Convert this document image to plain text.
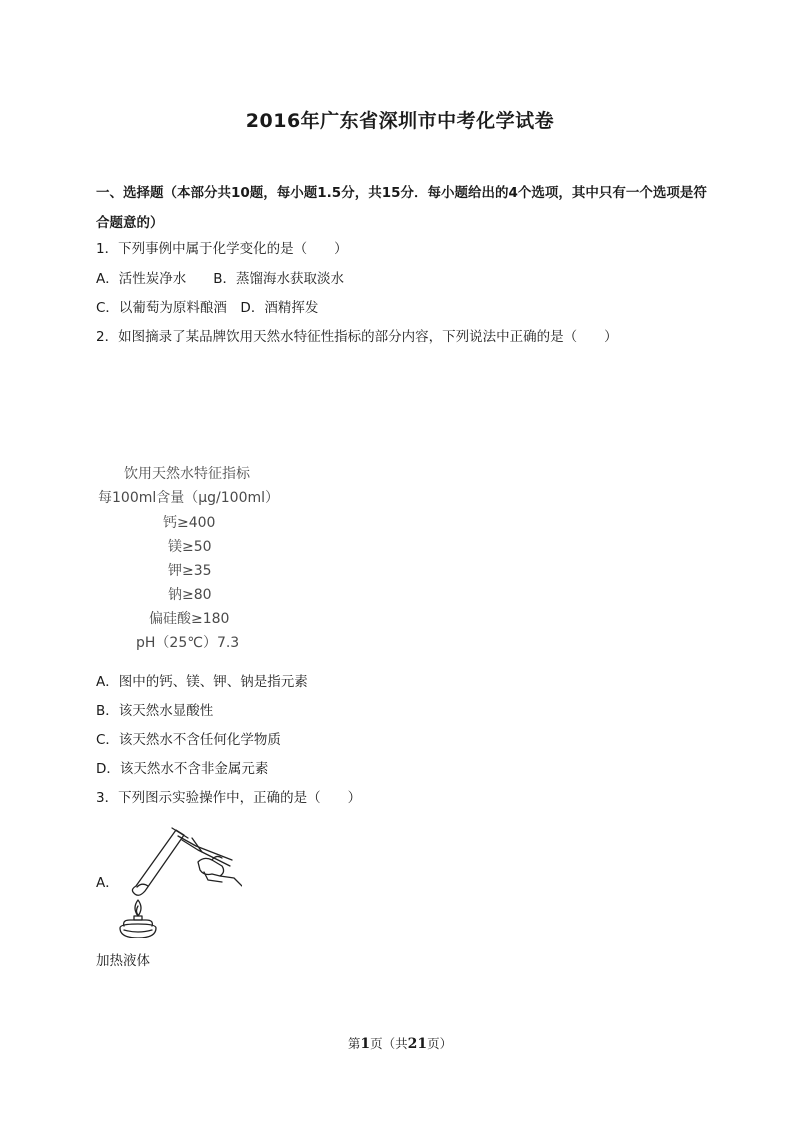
2016年广东省深圳市中考化学试卷
一、选择题（本部分共10题，每小题1.5分，共15分．每小题给出的4个选项，其中只有一个选项是符合题意的）
1．下列事例中属于化学变化的是（　　）
A．活性炭净水　　B．蒸馏海水获取淡水
C．以葡萄为原料酿酒　D．酒精挥发
2．如图摘录了某品牌饮用天然水特征性指标的部分内容，下列说法中正确的是（　　）
饮用天然水特征指标
每100ml含量（μg/100ml）
钙≥400
镁≥50
钾≥35
钠≥80
偏硅酸≥180
pH（25℃）7.3
A．图中的钙、镁、钾、钠是指元素
B．该天然水显酸性
C．该天然水不含任何化学物质
D．该天然水不含非金属元素
3．下列图示实验操作中，正确的是（　　）
A．
加热液体
第1页（共21页）
